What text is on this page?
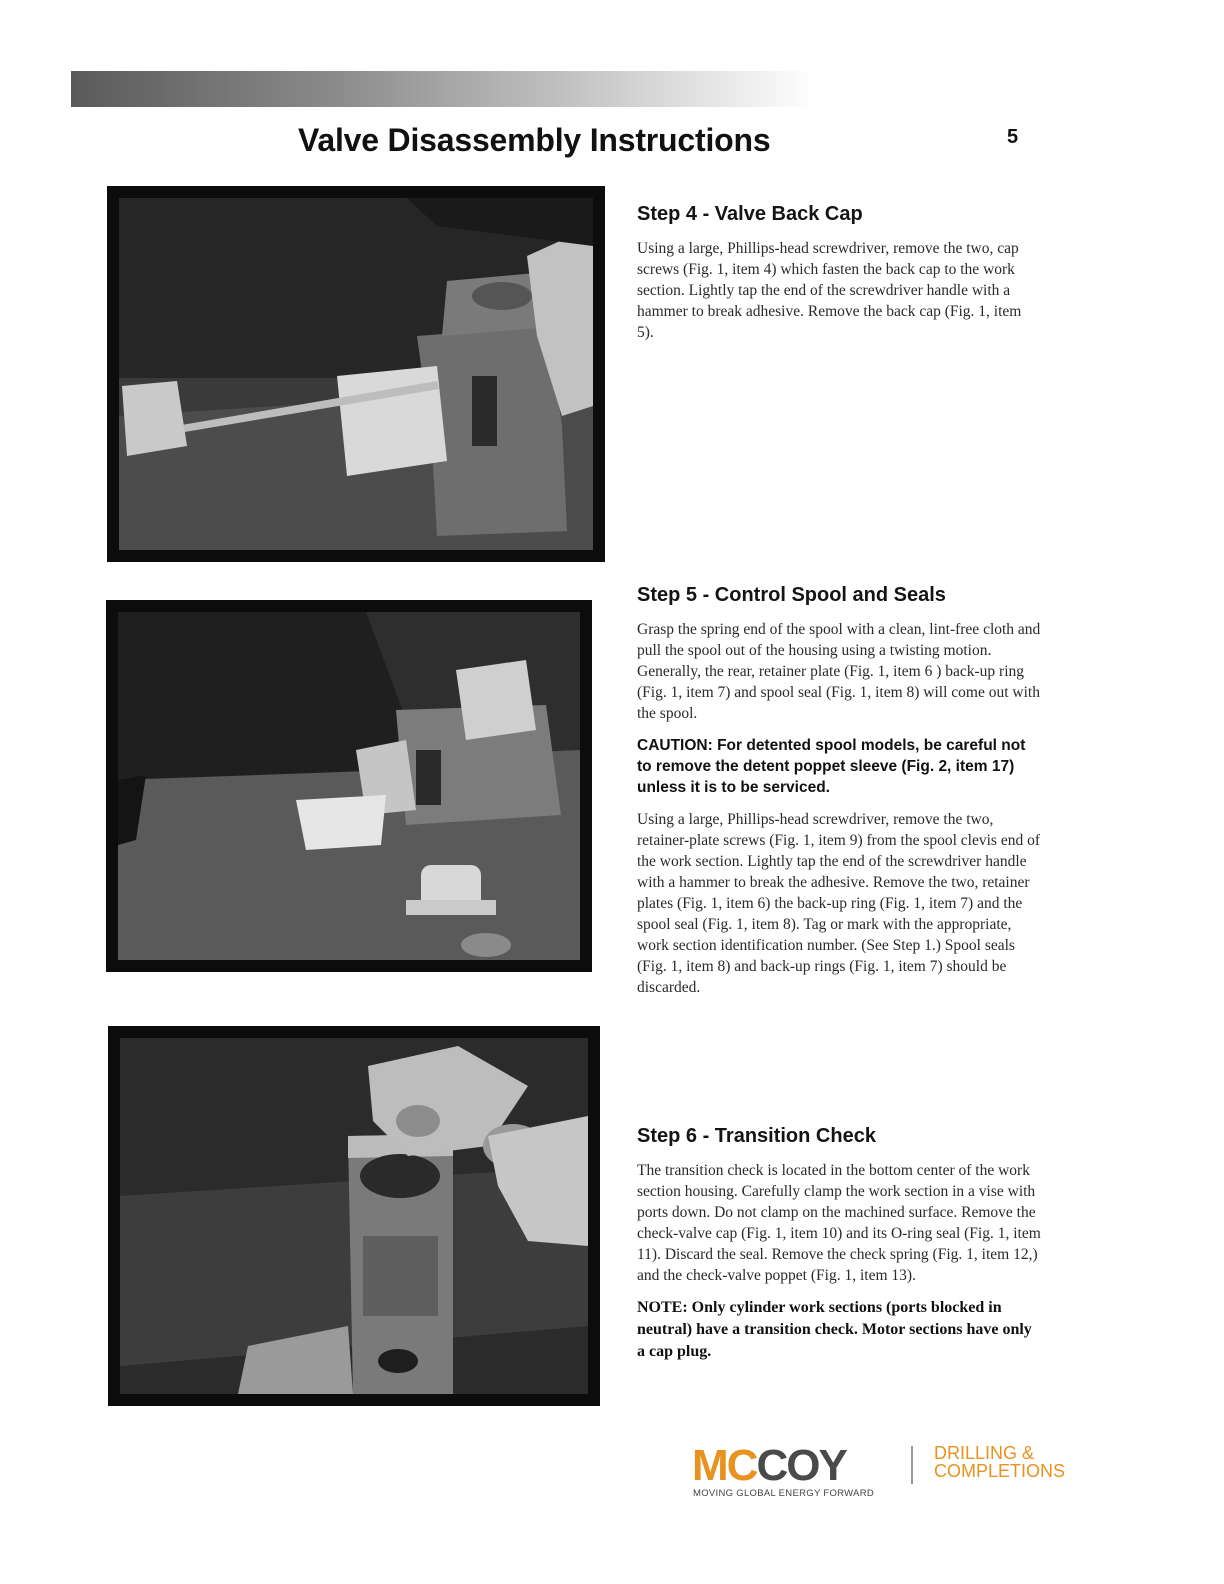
Valve Disassembly Instructions	5
Step 4 - Valve Back Cap

Using a large, Phillips-head screwdriver, remove the two, cap screws (Fig. 1, item 4) which fasten the back cap to the work section. Lightly tap the end of the screwdriver handle with a hammer to break adhesive. Remove the back cap (Fig. 1, item 5).

Step 5 - Control Spool and Seals

Grasp the spring end of the spool with a clean, lint-free cloth and pull the spool out of the housing using a twisting motion. Generally, the rear, retainer plate (Fig. 1, item 6 ) back-up ring (Fig. 1, item 7) and spool seal (Fig. 1, item 8) will come out with the spool.

CAUTION: For detented spool models, be careful not to remove the detent poppet sleeve (Fig. 2, item 17) unless it is to be serviced.

Using a large, Phillips-head screwdriver, remove the two, retainer-plate screws (Fig. 1, item 9) from the spool clevis end of the work section. Lightly tap the end of the screwdriver handle with a hammer to break the adhesive. Remove the two, retainer plates (Fig. 1, item 6) the back-up ring (Fig. 1, item 7) and the spool seal (Fig. 1, item 8). Tag or mark with the appropriate, work section identification number. (See Step 1.) Spool seals (Fig. 1, item 8) and back-up rings (Fig. 1, item 7) should be discarded.

Step 6 - Transition Check

The transition check is located in the bottom center of the work section housing. Carefully clamp the work section in a vise with ports down. Do not clamp on the machined surface. Remove the check-valve cap (Fig. 1, item 10) and its O-ring seal (Fig. 1, item 11). Discard the seal. Remove the check spring (Fig. 1, item 12,) and the check-valve poppet (Fig. 1, item 13).

NOTE: Only cylinder work sections (ports blocked in neutral) have a transition check. Motor sections have only a cap plug.

MCCOY	DRILLING &
COMPLETIONS
MOVING GLOBAL ENERGY FORWARD
